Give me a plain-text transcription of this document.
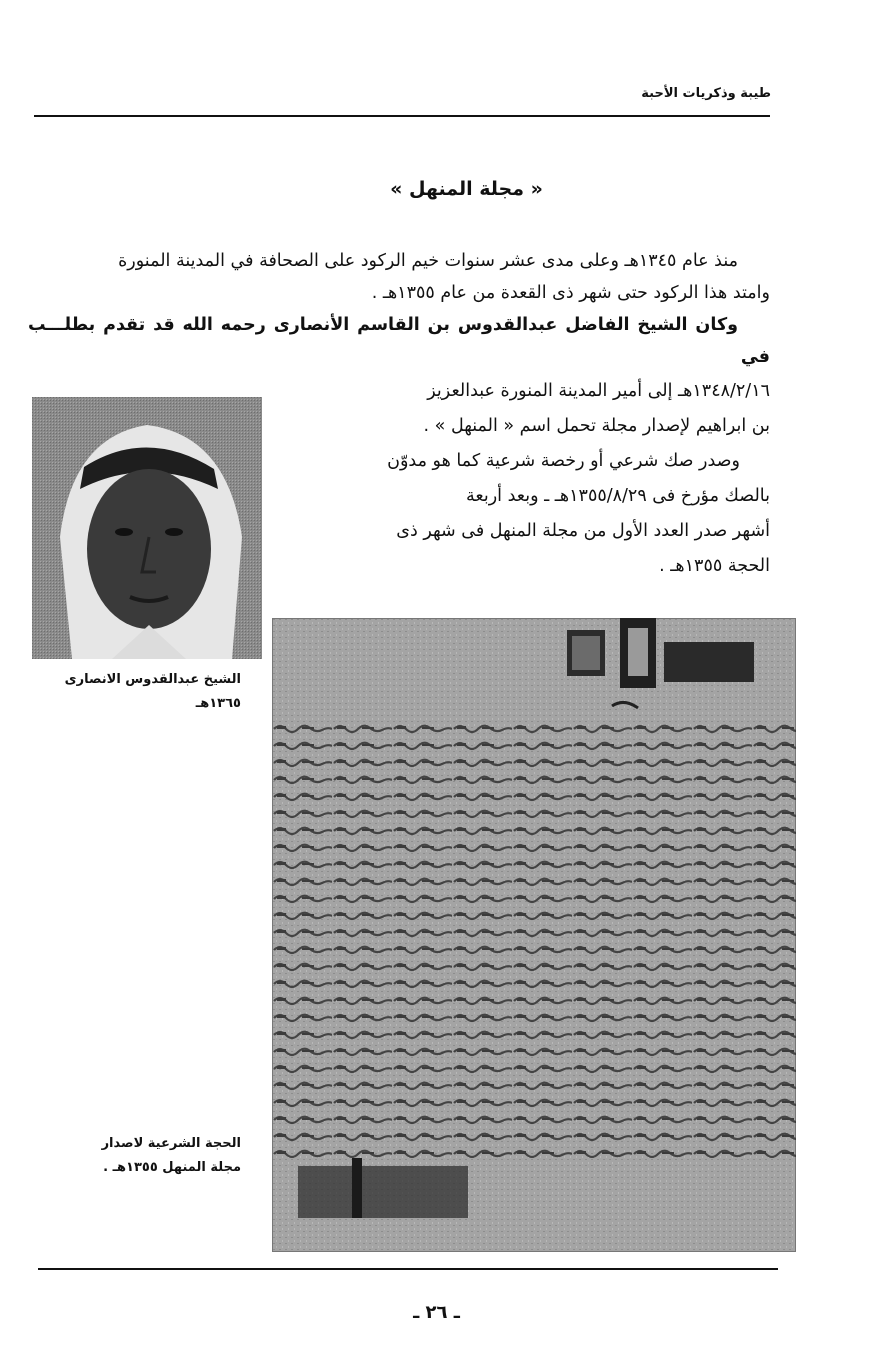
طيبة وذكريات الأحبة
« مجلة المنهل »

منذ عام ١٣٤٥هـ وعلى مدى عشر سنوات خيم الركود على الصحافة في المدينة المنورة

وامتد هذا الركود حتى شهر ذى القعدة من عام ١٣٥٥هـ .

وكان الشيخ الفاضل عبدالقدوس بن القاسم الأنصارى رحمه الله قد تقدم بطلـــب في

١٣٤٨/٢/١٦هـ إلى أمير المدينة المنورة عبدالعزيز

بن ابراهيم لإصدار مجلة تحمل اسم « المنهل » .

وصدر صك شرعي أو رخصة شرعية كما هو مدوّن

بالصك مؤرخ فى ١٣٥٥/٨/٢٩هـ ـ وبعد أربعة

أشهر صدر العدد الأول من مجلة المنهل فى شهر ذى

الحجة ١٣٥٥هـ .

الشيخ عبدالقدوس الانصارى
١٣٦٥هـ
الحجة الشرعية لاصدار
مجلة المنهل ١٣٥٥هـ .
ـ ٢٦ ـ
